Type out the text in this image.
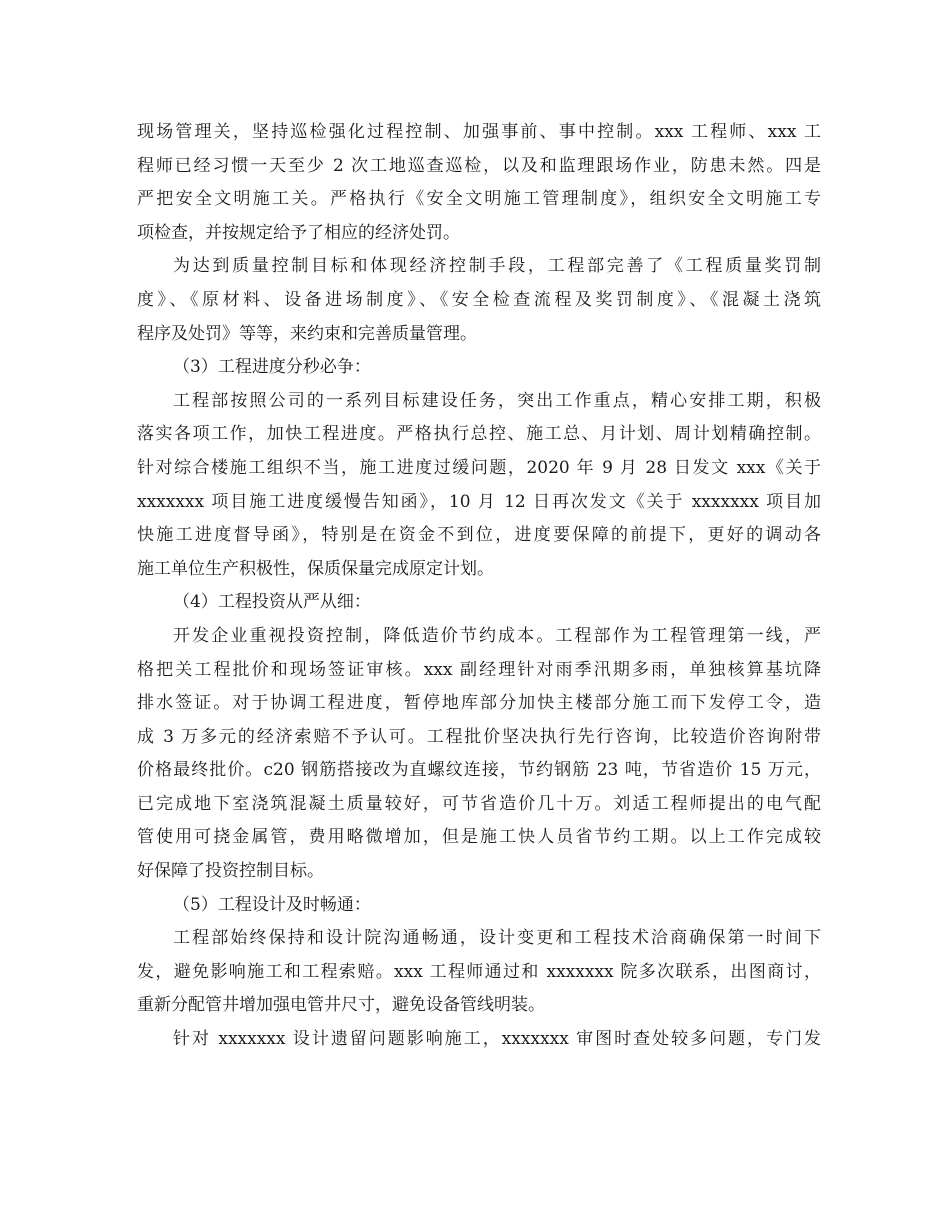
现场管理关，坚持巡检强化过程控制、加强事前、事中控制。xxx 工程师、xxx 工
程师已经习惯一天至少 2 次工地巡查巡检，以及和监理跟场作业，防患未然。四是
严把安全文明施工关。严格执行《安全文明施工管理制度》，组织安全文明施工专
项检查，并按规定给予了相应的经济处罚。
为达到质量控制目标和体现经济控制手段，工程部完善了《工程质量奖罚制
度》、《原材料、设备进场制度》、《安全检查流程及奖罚制度》、《混凝土浇筑
程序及处罚》等等，来约束和完善质量管理。
（3）工程进度分秒必争：
工程部按照公司的一系列目标建设任务，突出工作重点，精心安排工期，积极
落实各项工作，加快工程进度。严格执行总控、施工总、月计划、周计划精确控制。
针对综合楼施工组织不当，施工进度过缓问题，2020 年 9 月 28 日发文 xxx《关于
xxxxxxx 项目施工进度缓慢告知函》，10 月 12 日再次发文《关于 xxxxxxx 项目加
快施工进度督导函》，特别是在资金不到位，进度要保障的前提下，更好的调动各
施工单位生产积极性，保质保量完成原定计划。
（4）工程投资从严从细：
开发企业重视投资控制，降低造价节约成本。工程部作为工程管理第一线，严
格把关工程批价和现场签证审核。xxx 副经理针对雨季汛期多雨，单独核算基坑降
排水签证。对于协调工程进度，暂停地库部分加快主楼部分施工而下发停工令，造
成 3 万多元的经济索赔不予认可。工程批价坚决执行先行咨询，比较造价咨询附带
价格最终批价。c20 钢筋搭接改为直螺纹连接，节约钢筋 23 吨，节省造价 15 万元，
已完成地下室浇筑混凝土质量较好，可节省造价几十万。刘适工程师提出的电气配
管使用可挠金属管，费用略微增加，但是施工快人员省节约工期。以上工作完成较
好保障了投资控制目标。
（5）工程设计及时畅通：
工程部始终保持和设计院沟通畅通，设计变更和工程技术洽商确保第一时间下
发，避免影响施工和工程索赔。xxx 工程师通过和 xxxxxxx 院多次联系，出图商讨，
重新分配管井增加强电管井尺寸，避免设备管线明装。
针对 xxxxxxx 设计遗留问题影响施工，xxxxxxx 审图时查处较多问题，专门发
